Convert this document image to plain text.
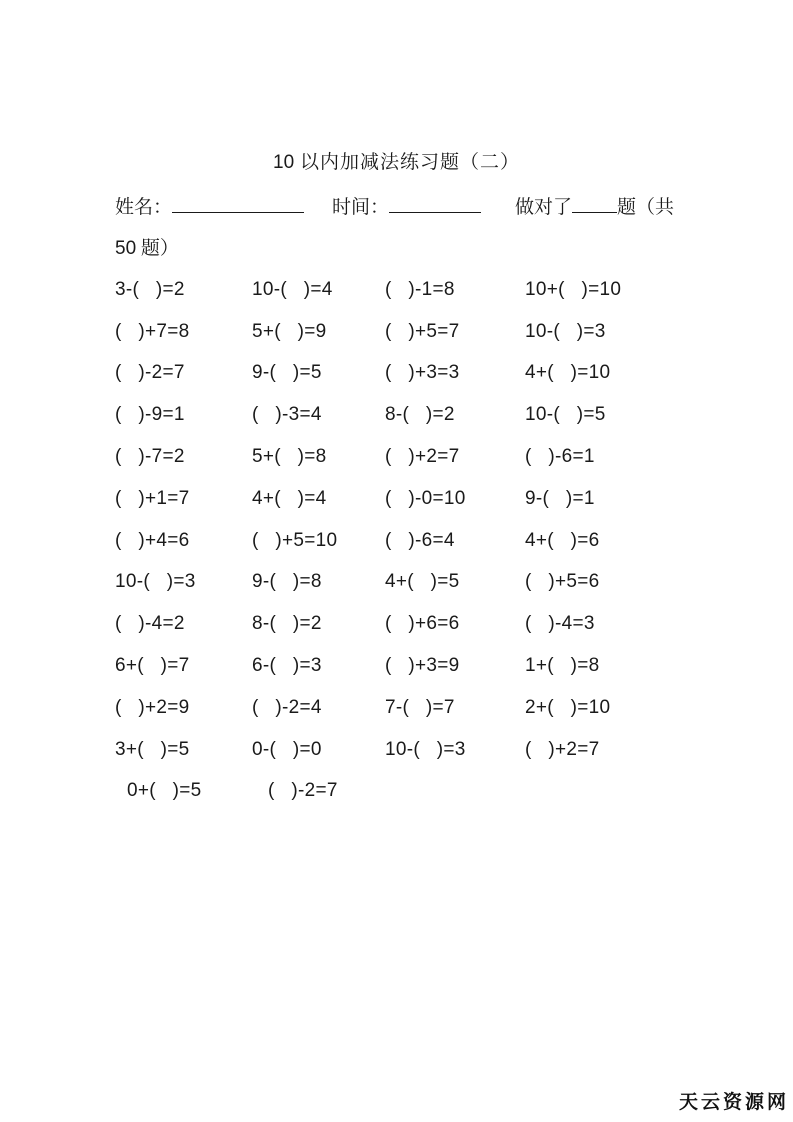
10 以内加减法练习题（二）
姓名：	时间：	做对了 题（共
50 题）
3-(   )=2	10-(   )=4	(   )-1=8	10+(   )=10
(   )+7=8	5+(   )=9	(   )+5=7	10-(   )=3
(   )-2=7	9-(   )=5	(   )+3=3	4+(   )=10
(   )-9=1	(   )-3=4	8-(   )=2	10-(   )=5
(   )-7=2	5+(   )=8	(   )+2=7	(   )-6=1
(   )+1=7	4+(   )=4	(   )-0=10	9-(   )=1
(   )+4=6	(   )+5=10	(   )-6=4	4+(   )=6
10-(   )=3	9-(   )=8	4+(   )=5	(   )+5=6
(   )-4=2	8-(   )=2	(   )+6=6	(   )-4=3
6+(   )=7	6-(   )=3	(   )+3=9	1+(   )=8
(   )+2=9	(   )-2=4	7-(   )=7	2+(   )=10
3+(   )=5	0-(   )=0	10-(   )=3	(   )+2=7
0+(   )=5	(   )-2=7
天云资源网
